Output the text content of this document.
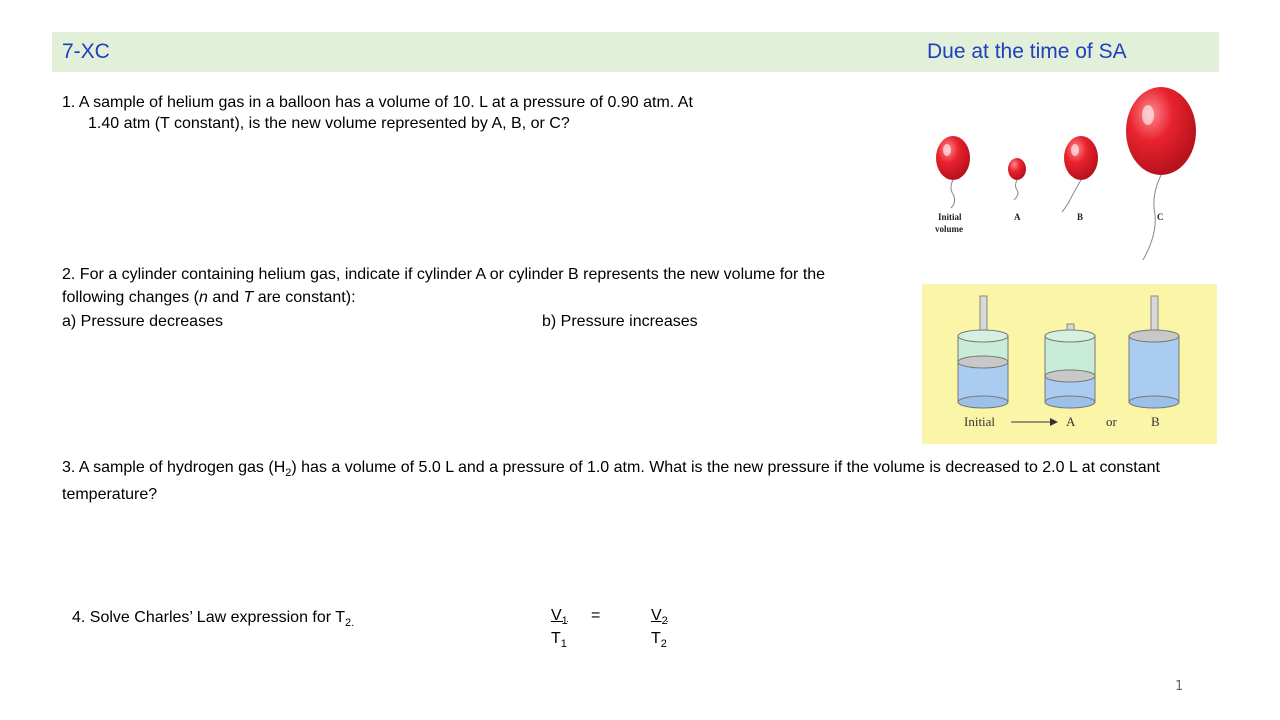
7-XC	Due at the time of SA
1. A sample of helium gas in a balloon has a volume of 10. L at a pressure of 0.90 atm. At
1.40 atm (T constant), is the new volume represented by A, B, or C?
Initial
volume
A	B	C
2. For a cylinder containing helium gas, indicate if cylinder A or cylinder B represents the new volume for the following changes (n and T are constant):
a) Pressure decreases	b) Pressure increases
Initial	A or	B
3. A sample of hydrogen gas $(H_2)$ has a volume of 5.0 L and a pressure of 1.0 atm. What is the new pressure if the volume is decreased to 2.0 L at constant temperature?
4. Solve Charles’ Law expression for $T_{2.}$	$V_1$
$T_1$
=	$V_2$
$T_2$
1
